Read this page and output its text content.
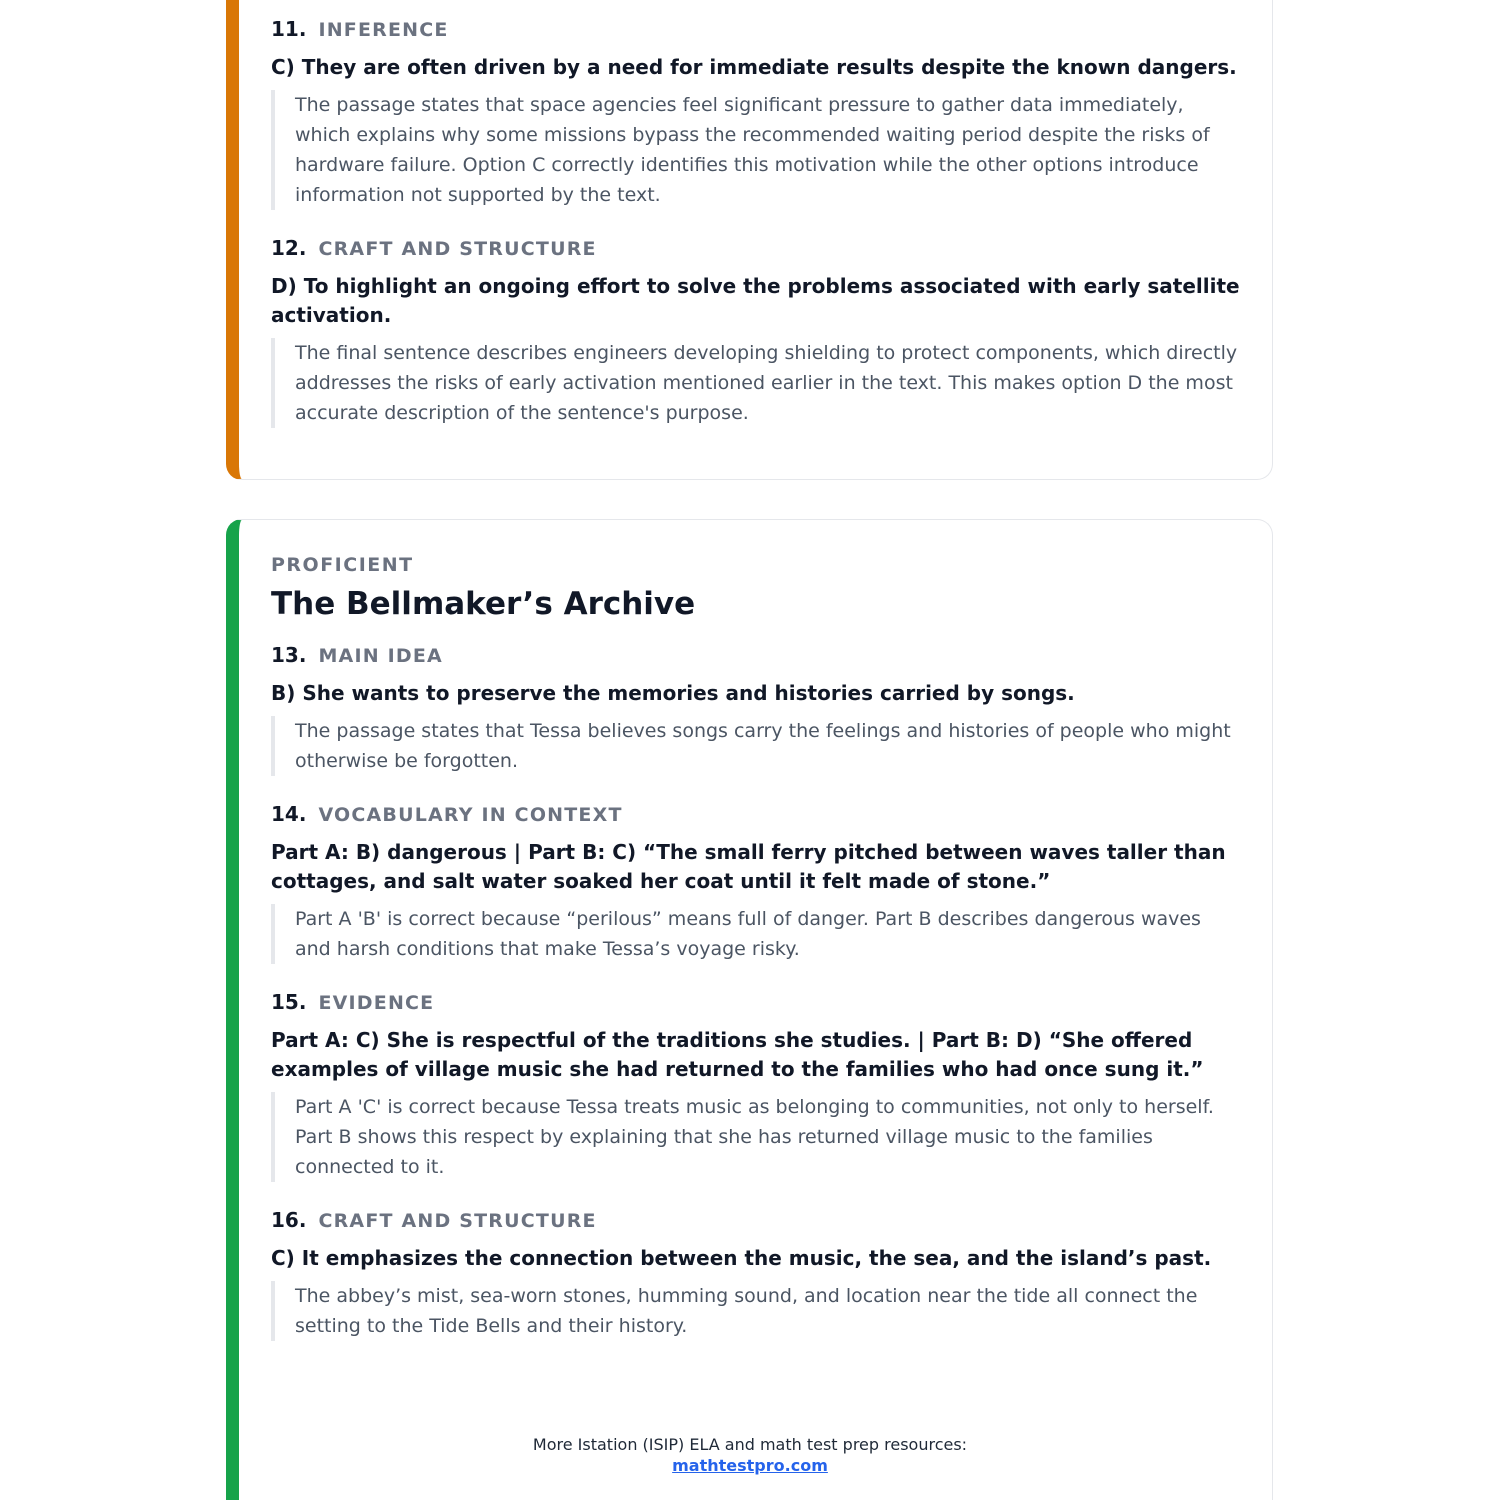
11. INFERENCE

C) They are often driven by a need for immediate results despite the known dangers.

The passage states that space agencies feel significant pressure to gather data immediately, which explains why some missions bypass the recommended waiting period despite the risks of hardware failure. Option C correctly identifies this motivation while the other options introduce information not supported by the text.

12. CRAFT AND STRUCTURE

D) To highlight an ongoing effort to solve the problems associated with early satellite activation.

The final sentence describes engineers developing shielding to protect components, which directly addresses the risks of early activation mentioned earlier in the text. This makes option D the most accurate description of the sentence's purpose.

PROFICIENT
The Bellmaker’s Archive
13. MAIN IDEA

B) She wants to preserve the memories and histories carried by songs.

The passage states that Tessa believes songs carry the feelings and histories of people who might otherwise be forgotten.

14. VOCABULARY IN CONTEXT

Part A: B) dangerous | Part B: C) “The small ferry pitched between waves taller than cottages, and salt water soaked her coat until it felt made of stone.”

Part A 'B' is correct because “perilous” means full of danger. Part B describes dangerous waves and harsh conditions that make Tessa’s voyage risky.

15. EVIDENCE

Part A: C) She is respectful of the traditions she studies. | Part B: D) “She offered examples of village music she had returned to the families who had once sung it.”

Part A 'C' is correct because Tessa treats music as belonging to communities, not only to herself. Part B shows this respect by explaining that she has returned village music to the families connected to it.

16. CRAFT AND STRUCTURE

C) It emphasizes the connection between the music, the sea, and the island’s past.

The abbey’s mist, sea-worn stones, humming sound, and location near the tide all connect the setting to the Tide Bells and their history.

More Istation (ISIP) ELA and math test prep resources:
mathtestpro.com
